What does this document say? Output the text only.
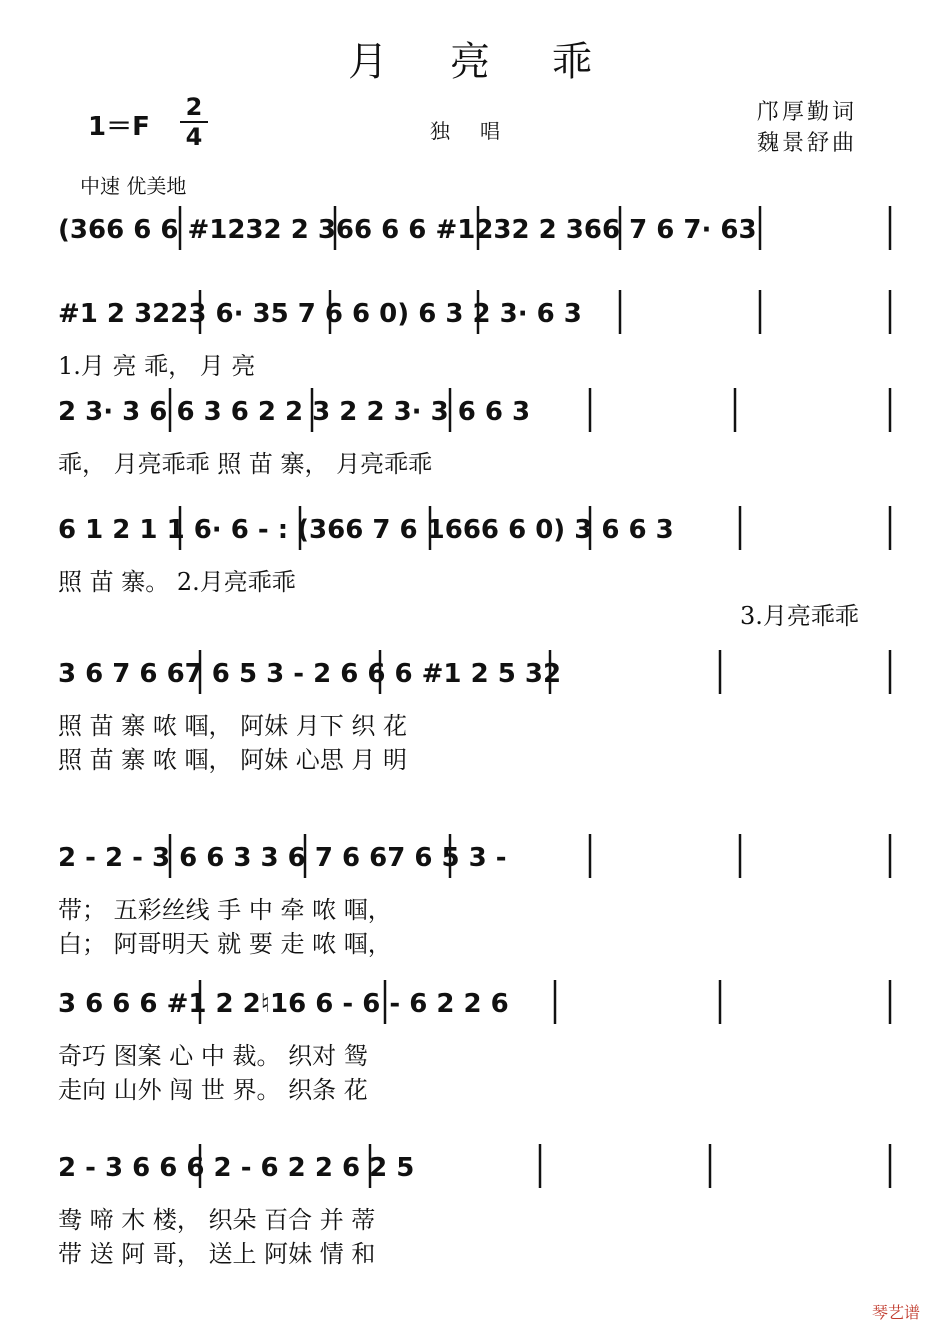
月亮乖
1＝F
2
4	独唱
邝厚勤词
魏景舒曲
中速 优美地
(366 6 6 #1232 2 366 6 6 #1232 2 366 7 6 7· 63
#1 2 3223 6· 35 7 6 6 0) 6 3 2 3· 6 3
1.月 亮 乖， 月 亮
2 3· 3 6 6 3 6 2 2 3 2 2 3· 3 6 6 3
乖， 月亮乖乖 照 苗 寨， 月亮乖乖
6 1 2 1 1 6· 6 - : (366 7 6 1666 6 0) 3 6 6 3
照 苗 寨。 2.月亮乖乖
3.月亮乖乖
3 6 7 6 67 6 5 3 - 2 6 6 6 #1 2 5 32
照 苗 寨 哝 啯， 阿妹 月下 织 花
照 苗 寨 哝 啯， 阿妹 心思 月 明
2 - 2 - 3 6 6 3 3 6 7 6 67 6 5 3 -
带； 五彩丝线 手 中 牵 哝 啯，
白； 阿哥明天 就 要 走 哝 啯，
3 6 6 6 #1 2 2♮16 6 - 6 - 6 2 2 6
奇巧 图案 心 中 裁。 织对 鸳
走向 山外 闯 世 界。 织条 花
2 - 3 6 6 6 2 - 6 2 2 6 2 5
鸯 啼 木 楼， 织朵 百合 并 蒂
带 送 阿 哥， 送上 阿妹 情 和
琴艺谱
